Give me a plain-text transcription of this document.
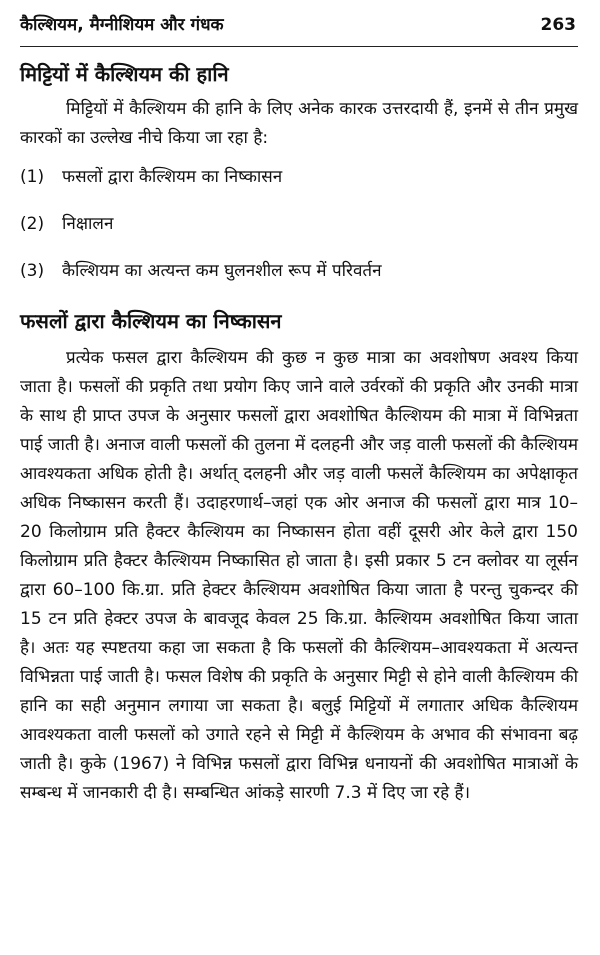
कैल्शियम, मैग्नीशियम और गंधक	263
मिट्टियों में कैल्शियम की हानि

मिट्टियों में कैल्शियम की हानि के लिए अनेक कारक उत्तरदायी हैं, इनमें से तीन प्रमुख कारकों का उल्लेख नीचे किया जा रहा है:

(1)	फसलों द्वारा कैल्शियम का निष्कासन
(2)	निक्षालन
(3)	कैल्शियम का अत्यन्त कम घुलनशील रूप में परिवर्तन
फसलों द्वारा कैल्शियम का निष्कासन

प्रत्येक फसल द्वारा कैल्शियम की कुछ न कुछ मात्रा का अवशोषण अवश्य किया जाता है। फसलों की प्रकृति तथा प्रयोग किए जाने वाले उर्वरकों की प्रकृति और उनकी मात्रा के साथ ही प्राप्त उपज के अनुसार फसलों द्वारा अवशोषित कैल्शियम की मात्रा में विभिन्नता पाई जाती है। अनाज वाली फसलों की तुलना में दलहनी और जड़ वाली फसलों की कैल्शियम आवश्यकता अधिक होती है। अर्थात् दलहनी और जड़ वाली फसलें कैल्शियम का अपेक्षाकृत अधिक निष्कासन करती हैं। उदाहरणार्थ–जहां एक ओर अनाज की फसलों द्वारा मात्र 10–20 किलोग्राम प्रति हैक्टर कैल्शियम का निष्कासन होता वहीं दूसरी ओर केले द्वारा 150 किलोग्राम प्रति हैक्टर कैल्शियम निष्कासित हो जाता है। इसी प्रकार 5 टन क्लोवर या लूर्सन द्वारा 60–100 कि.ग्रा. प्रति हेक्टर कैल्शियम अवशोषित किया जाता है परन्तु चुकन्दर की 15 टन प्रति हेक्टर उपज के बावजूद केवल 25 कि.ग्रा. कैल्शियम अवशोषित किया जाता है। अतः यह स्पष्टतया कहा जा सकता है कि फसलों की कैल्शियम–आवश्यकता में अत्यन्त विभिन्नता पाई जाती है। फसल विशेष की प्रकृति के अनुसार मिट्टी से होने वाली कैल्शियम की हानि का सही अनुमान लगाया जा सकता है। बलुई मिट्टियों में लगातार अधिक कैल्शियम आवश्यकता वाली फसलों को उगाते रहने से मिट्टी में कैल्शियम के अभाव की संभावना बढ़ जाती है। कुके (1967) ने विभिन्न फसलों द्वारा विभिन्न धनायनों की अवशोषित मात्राओं के सम्बन्ध में जानकारी दी है। सम्बन्धित आंकड़े सारणी 7.3 में दिए जा रहे हैं।
